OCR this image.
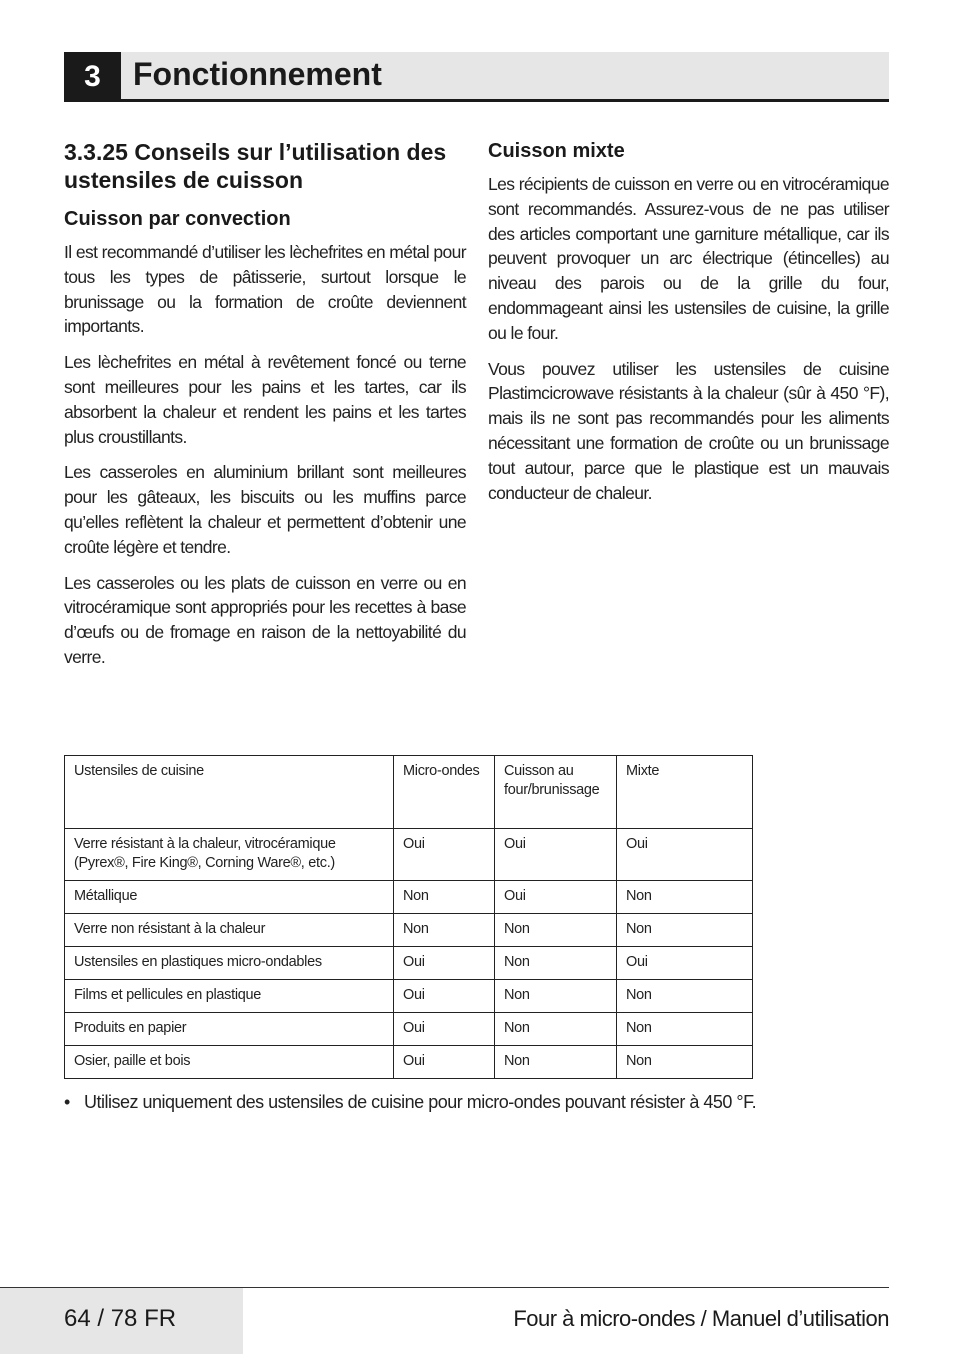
3	Fonctionnement
3.3.25 Conseils sur l’utilisation des ustensiles de cuisson
Cuisson par convection

Il est recommandé d’utiliser les lèchefrites en métal pour tous les types de pâtisserie, surtout lorsque le brunissage ou la formation de croûte deviennent importants.

Les lèchefrites en métal à revêtement foncé ou terne sont meilleures pour les pains et les tartes, car ils absorbent la chaleur et rendent les pains et les tartes plus croustillants.

Les casseroles en aluminium brillant sont meilleures pour les gâteaux, les biscuits ou les muffins parce qu’elles reflètent la chaleur et permettent d’obtenir une croûte légère et tendre.

Les casseroles ou les plats de cuisson en verre ou en vitrocéramique sont appropriés pour les recettes à base d’œufs ou de fromage en raison de la nettoyabilité du verre.

Cuisson mixte

Les récipients de cuisson en verre ou en vitrocéramique sont recommandés. Assurez-vous de ne pas utiliser des articles comportant une garniture métallique, car ils peuvent provoquer un arc électrique (étincelles) au niveau des parois ou de la grille du four, endommageant ainsi les ustensiles de cuisine, la grille ou le four.

Vous pouvez utiliser les ustensiles de cuisine Plastimcicrowave résistants à la chaleur (sûr à 450 °F), mais ils ne sont pas recommandés pour les aliments nécessitant une formation de croûte ou un brunissage tout autour, parce que le plastique est un mauvais conducteur de chaleur.

Ustensiles de cuisine	Micro-ondes	Cuisson au four/brunissage	Mixte
Verre résistant à la chaleur, vitrocéramique (Pyrex®, Fire King®, Corning Ware®, etc.)	Oui	Oui	Oui
Métallique	Non	Oui	Non
Verre non résistant à la chaleur	Non	Non	Non
Ustensiles en plastiques micro-ondables	Oui	Non	Oui
Films et pellicules en plastique	Oui	Non	Non
Produits en papier	Oui	Non	Non
Osier, paille et bois	Oui	Non	Non
• Utilisez uniquement des ustensiles de cuisine pour micro-ondes pouvant résister à 450 °F.
64 / 78 FR	Four à micro-ondes / Manuel d’utilisation
